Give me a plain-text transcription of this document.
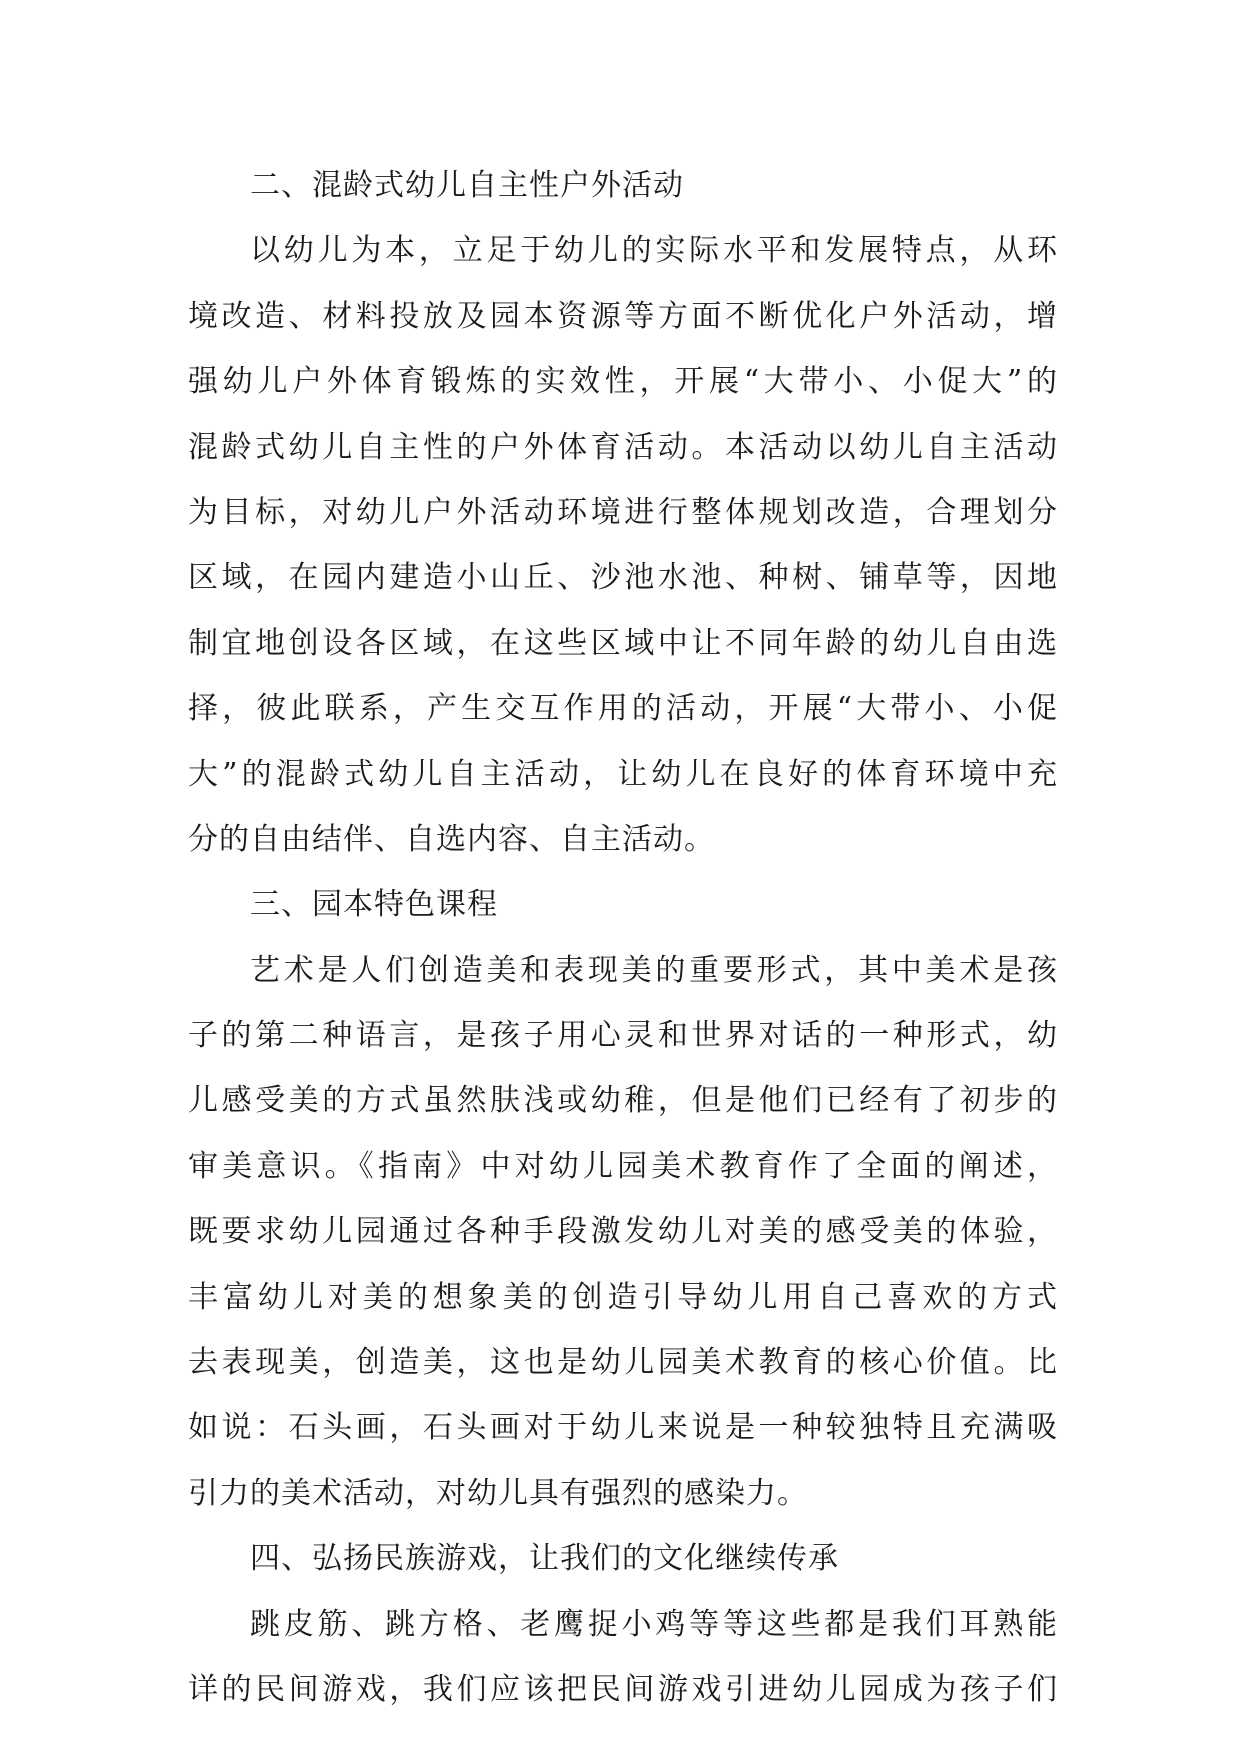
二、混龄式幼儿自主性户外活动
以幼儿为本，立足于幼儿的实际水平和发展特点，从环
境改造、材料投放及园本资源等方面不断优化户外活动，增
强幼儿户外体育锻炼的实效性，开展“大带小、小促大”的
混龄式幼儿自主性的户外体育活动。本活动以幼儿自主活动
为目标，对幼儿户外活动环境进行整体规划改造，合理划分
区域，在园内建造小山丘、沙池水池、种树、铺草等，因地
制宜地创设各区域，在这些区域中让不同年龄的幼儿自由选
择，彼此联系，产生交互作用的活动，开展“大带小、小促
大”的混龄式幼儿自主活动，让幼儿在良好的体育环境中充
分的自由结伴、自选内容、自主活动。
三、园本特色课程
艺术是人们创造美和表现美的重要形式，其中美术是孩
子的第二种语言，是孩子用心灵和世界对话的一种形式，幼
儿感受美的方式虽然肤浅或幼稚，但是他们已经有了初步的
审美意识。《指南》中对幼儿园美术教育作了全面的阐述，
既要求幼儿园通过各种手段激发幼儿对美的感受美的体验，
丰富幼儿对美的想象美的创造引导幼儿用自己喜欢的方式
去表现美，创造美，这也是幼儿园美术教育的核心价值。比
如说：石头画，石头画对于幼儿来说是一种较独特且充满吸
引力的美术活动，对幼儿具有强烈的感染力。
四、弘扬民族游戏，让我们的文化继续传承
跳皮筋、跳方格、老鹰捉小鸡等等这些都是我们耳熟能
详的民间游戏，我们应该把民间游戏引进幼儿园成为孩子们
